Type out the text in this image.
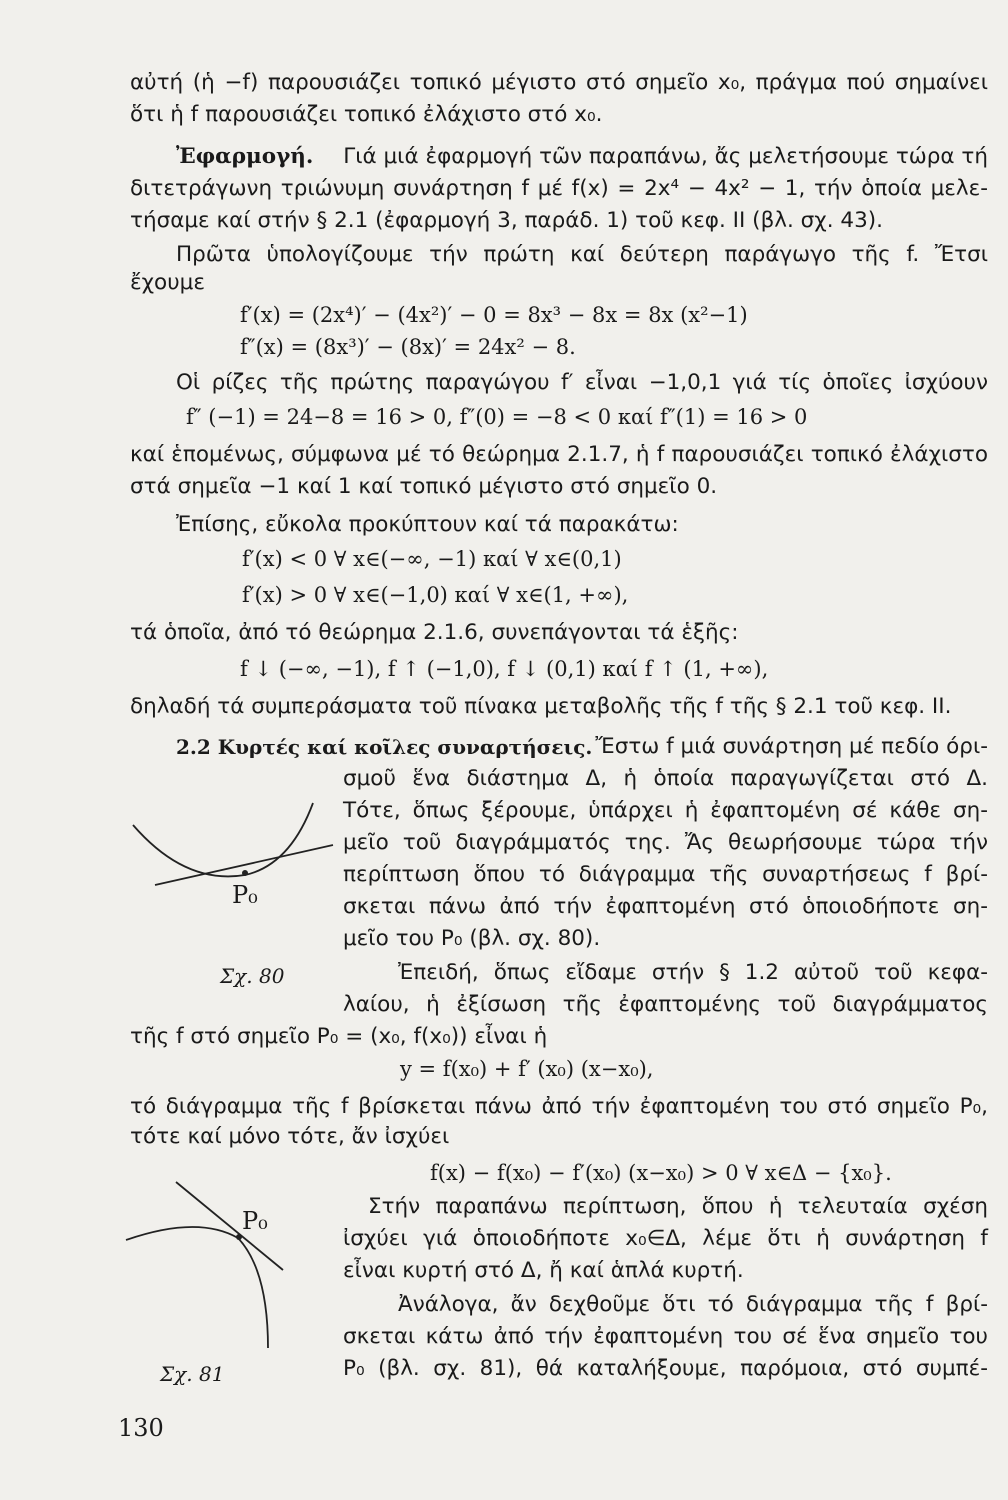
αὐτή (ἡ −f) παρουσιάζει τοπικό μέγιστο στό σημεῖο x₀, πράγμα πού σημαίνει
ὅτι ἡ f παρουσιάζει τοπικό ἐλάχιστο στό x₀.
Ἐφαρμογή. Γιά μιά ἐφαρμογή τῶν παραπάνω, ἄς μελετήσουμε τώρα τή
διτετράγωνη τριώνυμη συνάρτηση f μέ f(x) = 2x⁴ − 4x² − 1, τήν ὁποία μελε-
τήσαμε καί στήν § 2.1 (ἐφαρμογή 3, παράδ. 1) τοῦ κεφ. II (βλ. σχ. 43).
Πρῶτα ὑπολογίζουμε τήν πρώτη καί δεύτερη παράγωγο τῆς f. Ἔτσι
ἔχουμε
f′(x) = (2x⁴)′ − (4x²)′ − 0 = 8x³ − 8x = 8x (x²−1)
f″(x) = (8x³)′ − (8x)′ = 24x² − 8.
Οἱ ρίζες τῆς πρώτης παραγώγου f′ εἶναι −1,0,1 γιά τίς ὁποῖες ἰσχύουν
f″ (−1) = 24−8 = 16 > 0, f″(0) = −8 < 0 καί f″(1) = 16 > 0
καί ἑπομένως, σύμφωνα μέ τό θεώρημα 2.1.7, ἡ f παρουσιάζει τοπικό ἐλάχιστο
στά σημεῖα −1 καί 1 καί τοπικό μέγιστο στό σημεῖο 0.
Ἐπίσης, εὔκολα προκύπτουν καί τά παρακάτω:
f′(x) < 0 ∀ x∈(−∞, −1) καί ∀ x∈(0,1)
f′(x) > 0 ∀ x∈(−1,0) καί ∀ x∈(1, +∞),
τά ὁποῖα, ἀπό τό θεώρημα 2.1.6, συνεπάγονται τά ἑξῆς:
f ↓ (−∞, −1), f ↑ (−1,0), f ↓ (0,1) καί f ↑ (1, +∞),
δηλαδή τά συμπεράσματα τοῦ πίνακα μεταβολῆς τῆς f τῆς § 2.1 τοῦ κεφ. II.
2.2 Κυρτές καί κοῖλες συναρτήσεις. Ἔστω f μιά συνάρτηση μέ πεδίο όρι-
σμοῦ ἕνα διάστημα Δ, ἡ ὁποία παραγωγίζεται στό Δ.
Τότε, ὅπως ξέρουμε, ὑπάρχει ἡ ἐφαπτομένη σέ κάθε ση-
μεῖο τοῦ διαγράμματός της. Ἄς θεωρήσουμε τώρα τήν
περίπτωση ὅπου τό διάγραμμα τῆς συναρτήσεως f βρί-
σκεται πάνω ἀπό τήν ἐφαπτομένη στό ὁποιοδήποτε ση-
μεῖο του P₀ (βλ. σχ. 80).
Ἐπειδή, ὅπως εἴδαμε στήν § 1.2 αὐτοῦ τοῦ κεφα-
λαίου, ἡ ἐξίσωση τῆς ἐφαπτομένης τοῦ διαγράμματος
τῆς f στό σημεῖο P₀ = (x₀, f(x₀)) εἶναι ἡ
y = f(x₀) + f′ (x₀) (x−x₀),
τό διάγραμμα τῆς f βρίσκεται πάνω ἀπό τήν ἐφαπτομένη του στό σημεῖο P₀,
τότε καί μόνο τότε, ἄν ἰσχύει
f(x) − f(x₀) − f′(x₀) (x−x₀) > 0 ∀ x∈Δ − {x₀}.
Στήν παραπάνω περίπτωση, ὅπου ἡ τελευταία σχέση
ἰσχύει γιά ὁποιοδήποτε x₀∈Δ, λέμε ὅτι ἡ συνάρτηση f
εἶναι κυρτή στό Δ, ἤ καί ἁπλά κυρτή.
Ἀνάλογα, ἄν δεχθοῦμε ὅτι τό διάγραμμα τῆς f βρί-
σκεται κάτω ἀπό τήν ἐφαπτομένη του σέ ἕνα σημεῖο του
P₀ (βλ. σχ. 81), θά καταλήξουμε, παρόμοια, στό συμπέ-
P₀
Σχ. 80
P₀
Σχ. 81
130
